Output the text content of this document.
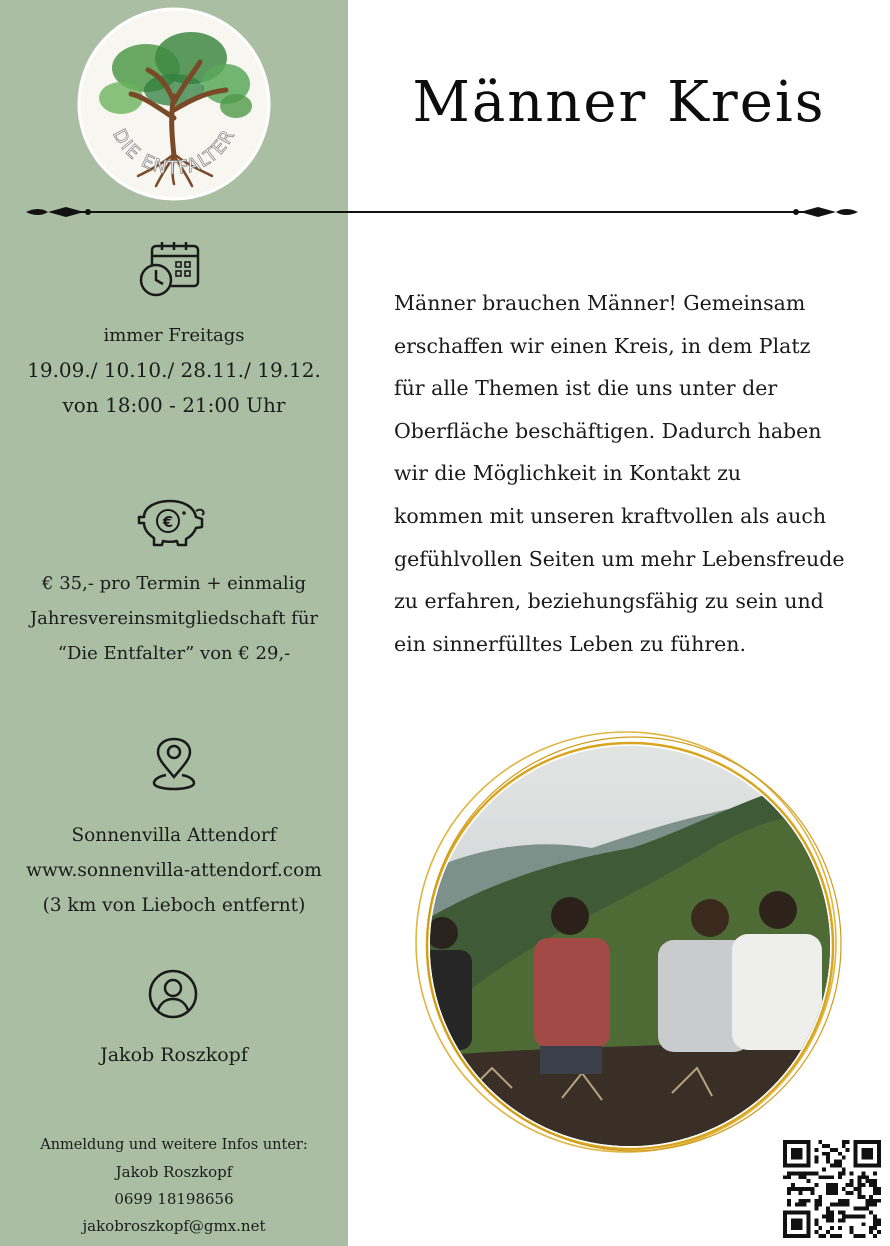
DIE ENTFALTER
Männer Kreis
immer Freitags
19.09./ 10.10./ 28.11./ 19.12.
von 18:00 - 21:00 Uhr
€
€ 35,- pro Termin + einmalig
Jahresvereinsmitgliedschaft für
“Die Entfalter” von € 29,-
Sonnenvilla Attendorf
www.sonnenvilla-attendorf.com
(3 km von Lieboch entfernt)
Jakob Roszkopf
Anmeldung und weitere Infos unter:
Jakob Roszkopf
0699 18198656
jakobroszkopf@gmx.net
Männer brauchen Männer! Gemeinsam
erschaffen wir einen Kreis, in dem Platz
für alle Themen ist die uns unter der
Oberfläche beschäftigen. Dadurch haben
wir die Möglichkeit in Kontakt zu
kommen mit unseren kraftvollen als auch
gefühlvollen Seiten um mehr Lebensfreude
zu erfahren, beziehungsfähig zu sein und
ein sinnerfülltes Leben zu führen.
